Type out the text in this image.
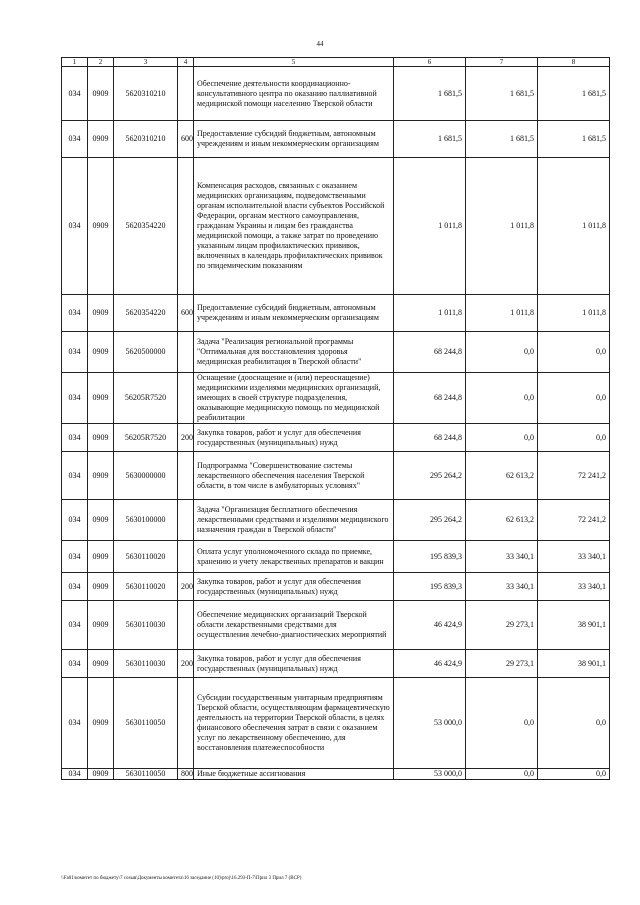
44
1	2	3	4	5	6	7	8
034	0909	5620310210		Обеспечение деятельности координационно-консультативного центра по оказанию паллиативной медицинской помощи населению Тверской области	1 681,5	1 681,5	1 681,5
034	0909	5620310210	600	Предоставление субсидий бюджетным, автономным учреждениям и иным некоммерческим организациям	1 681,5	1 681,5	1 681,5
034	0909	5620354220		Компенсация расходов, связанных с оказанием медицинских организациям, подведомственными органам исполнительной власти субъектов Российской Федерации, органам местного самоуправления, гражданам Украины и лицам без гражданства медицинской помощи, а также затрат по проведению указанным лицам профилактических прививок, включенных в календарь профилактических прививок по эпидемическим показаниям	1 011,8	1 011,8	1 011,8
034	0909	5620354220	600	Предоставление субсидий бюджетным, автономным учреждениям и иным некоммерческим организациям	1 011,8	1 011,8	1 011,8
034	0909	5620500000		Задача "Реализация региональной программы "Оптимальная для восстановления здоровья медицинская реабилитация в Тверской области"	68 244,8	0,0	0,0
034	0909	56205R7520		Оснащение (дооснащение и (или) переоснащение) медицинскими изделиями медицинских организаций, имеющих в своей структуре подразделения, оказывающие медицинскую помощь по медицинской реабилитации	68 244,8	0,0	0,0
034	0909	56205R7520	200	Закупка товаров, работ и услуг для обеспечения государственных (муниципальных) нужд	68 244,8	0,0	0,0
034	0909	5630000000		Подпрограмма "Совершенствование системы лекарственного обеспечения населения Тверской области, в том числе в амбулаторных условиях"	295 264,2	62 613,2	72 241,2
034	0909	5630100000		Задача "Организация бесплатного обеспечения лекарственными средствами и изделиями медицинского назначения граждан в Тверской области"	295 264,2	62 613,2	72 241,2
034	0909	5630110020		Оплата услуг уполномоченного склада по приемке, хранению и учету лекарственных препаратов и вакцин	195 839,3	33 340,1	33 340,1
034	0909	5630110020	200	Закупка товаров, работ и услуг для обеспечения государственных (муниципальных) нужд	195 839,3	33 340,1	33 340,1
034	0909	5630110030		Обеспечение медицинских организаций Тверской области лекарственными средствами для осуществления лечебно-диагностических мероприятий	46 424,9	29 273,1	38 901,1
034	0909	5630110030	200	Закупка товаров, работ и услуг для обеспечения государственных (муниципальных) нужд	46 424,9	29 273,1	38 901,1
034	0909	5630110050		Субсидии государственным унитарным предприятиям Тверской области, осуществляющим фармацевтическую деятельность на территории Тверской области, в целях финансового обеспечения затрат в связи с оказанием услуг по лекарственному обеспечению, для восстановления платежеспособности	53 000,0	0,0	0,0
034	0909	5630110050	800	Иные бюджетные ассигнования	53 000,0	0,0	0,0
\\Fa01\комитет по бюджету\7 созыв\Документы комитета\16 заседание (10)\proj\16.293-П-7\Прил 3 Прил 7 (ВСР)
